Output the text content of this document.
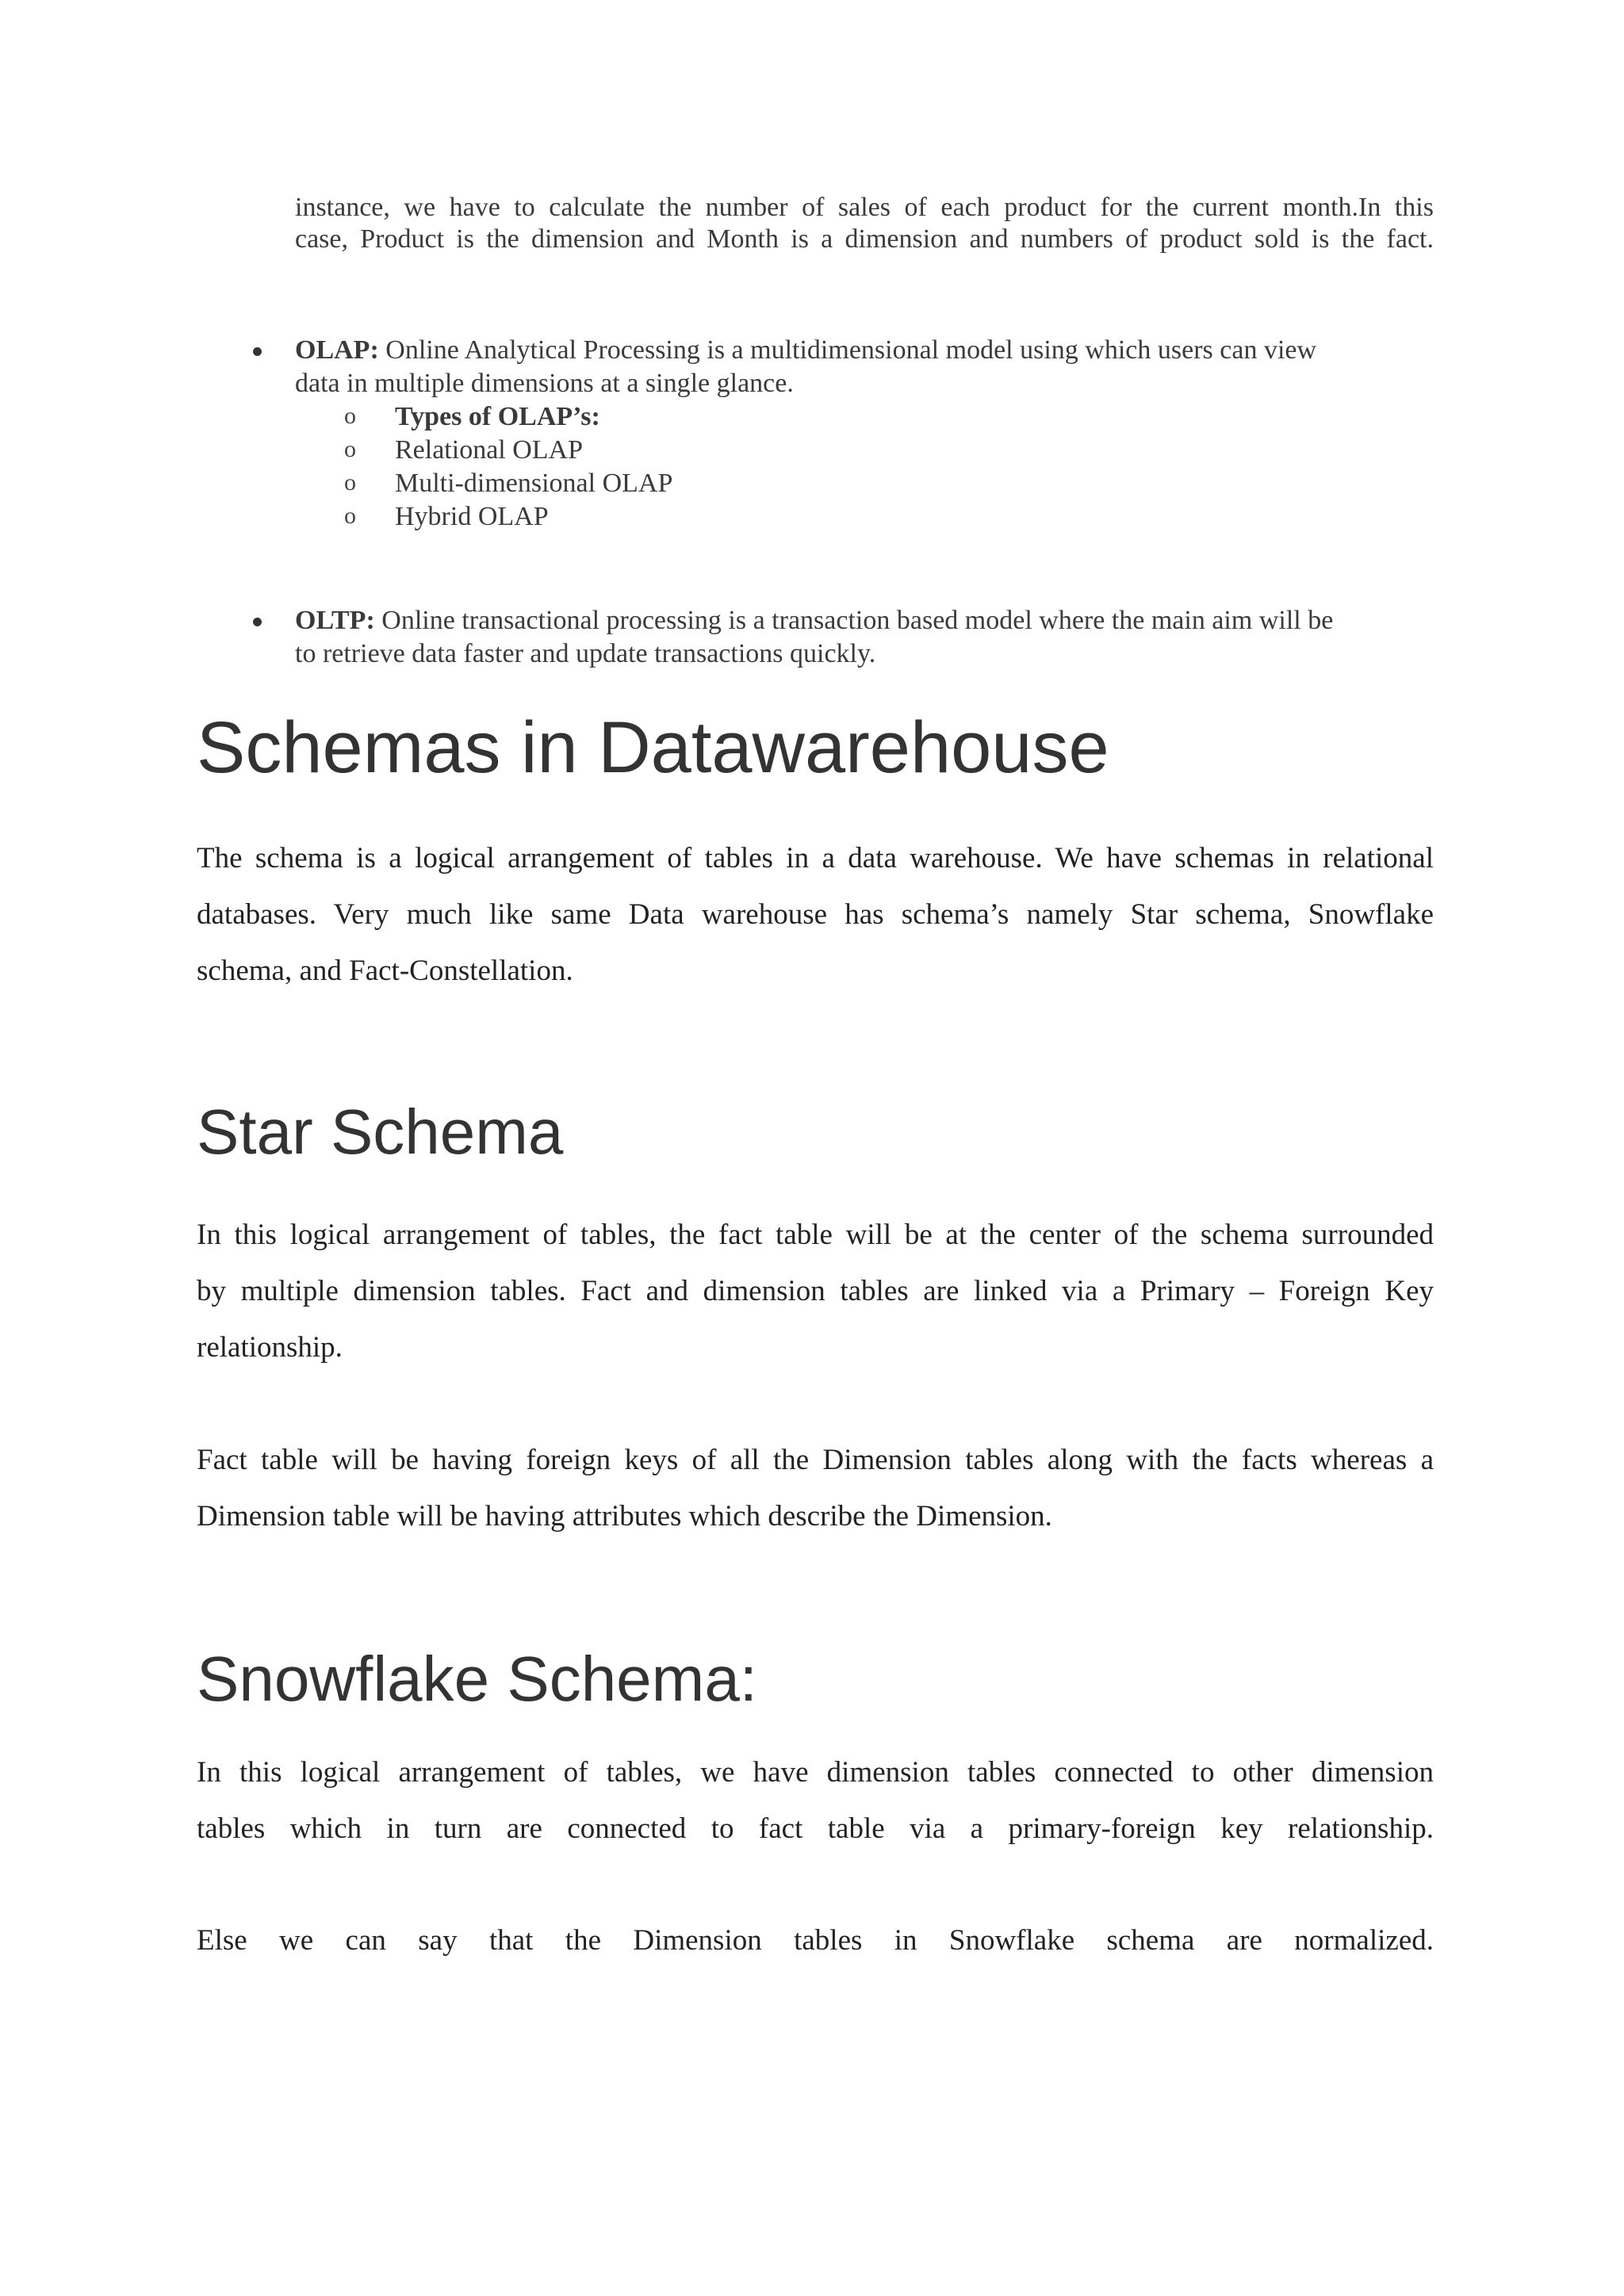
instance, we have to calculate the number of sales of each product for the current month.In this
case, Product is the dimension and Month is a dimension and numbers of product sold is the fact.
OLAP: Online Analytical Processing is a multidimensional model using which users can view
data in multiple dimensions at a single glance.
o Types of OLAP’s:
o Relational OLAP
o Multi-dimensional OLAP
o Hybrid OLAP
OLTP: Online transactional processing is a transaction based model where the main aim will be
to retrieve data faster and update transactions quickly.
Schemas in Datawarehouse
The schema is a logical arrangement of tables in a data warehouse. We have schemas in relational
databases. Very much like same Data warehouse has schema’s namely Star schema, Snowflake
schema, and Fact-Constellation.
Star Schema
In this logical arrangement of tables, the fact table will be at the center of the schema surrounded
by multiple dimension tables. Fact and dimension tables are linked via a Primary – Foreign Key
relationship.
Fact table will be having foreign keys of all the Dimension tables along with the facts whereas a
Dimension table will be having attributes which describe the Dimension.
Snowflake Schema:
In this logical arrangement of tables, we have dimension tables connected to other dimension
tables which in turn are connected to fact table via a primary-foreign key relationship.
Else we can say that the Dimension tables in Snowflake schema are normalized.
